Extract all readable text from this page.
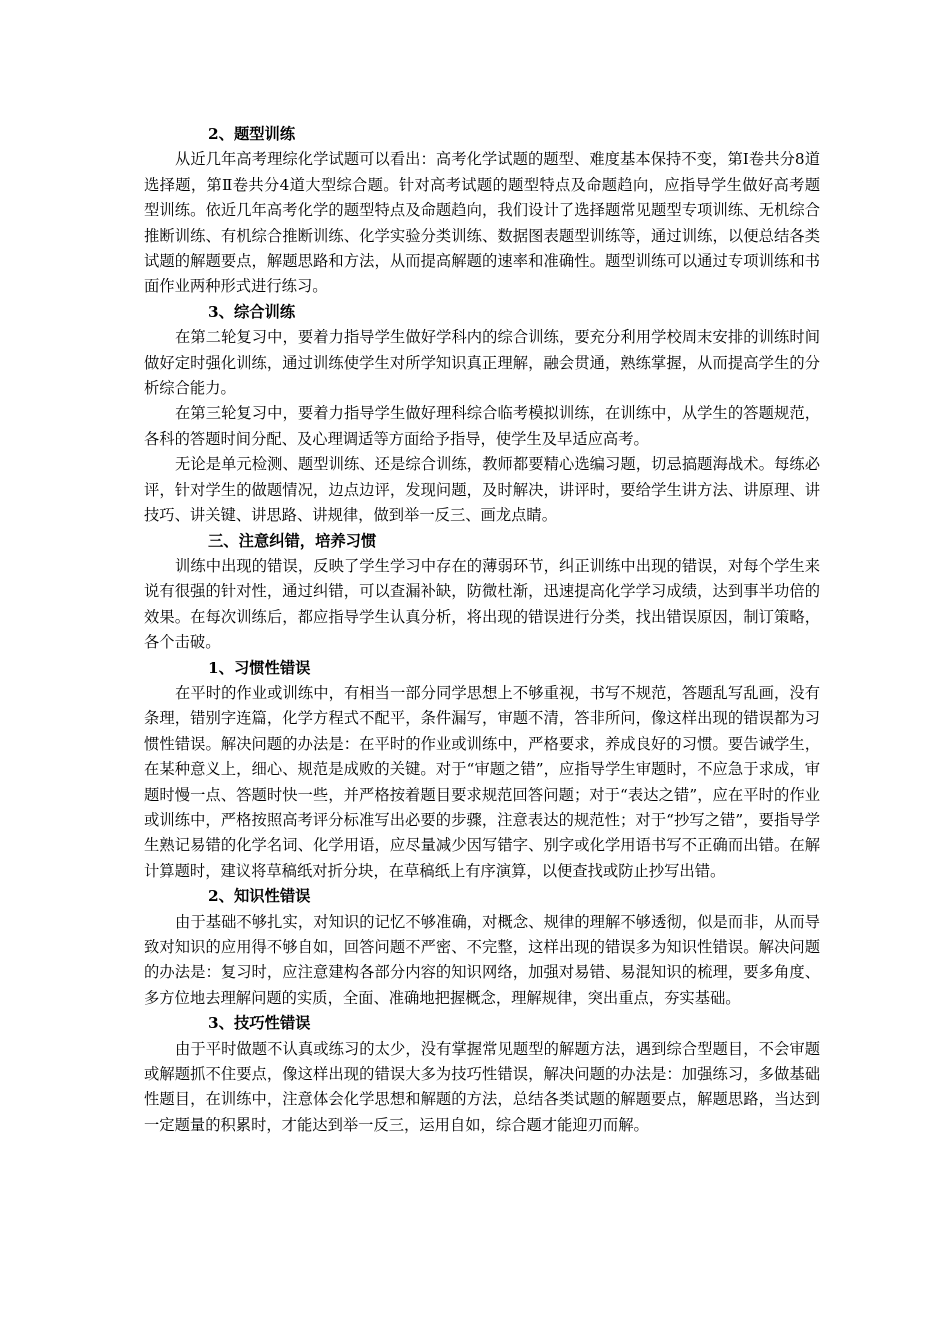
2、题型训练

从近几年高考理综化学试题可以看出：高考化学试题的题型、难度基本保持不变，第Ⅰ卷共分8道选择题，第Ⅱ卷共分4道大型综合题。针对高考试题的题型特点及命题趋向，应指导学生做好高考题型训练。依近几年高考化学的题型特点及命题趋向，我们设计了选择题常见题型专项训练、无机综合推断训练、有机综合推断训练、化学实验分类训练、数据图表题型训练等，通过训练，以便总结各类试题的解题要点，解题思路和方法，从而提高解题的速率和准确性。题型训练可以通过专项训练和书面作业两种形式进行练习。

3、综合训练

在第二轮复习中，要着力指导学生做好学科内的综合训练，要充分利用学校周末安排的训练时间做好定时强化训练，通过训练使学生对所学知识真正理解，融会贯通，熟练掌握，从而提高学生的分析综合能力。

在第三轮复习中，要着力指导学生做好理科综合临考模拟训练，在训练中，从学生的答题规范，各科的答题时间分配、及心理调适等方面给予指导，使学生及早适应高考。

无论是单元检测、题型训练、还是综合训练，教师都要精心选编习题，切忌搞题海战术。每练必评，针对学生的做题情况，边点边评，发现问题，及时解决，讲评时，要给学生讲方法、讲原理、讲技巧、讲关键、讲思路、讲规律，做到举一反三、画龙点睛。

三、注意纠错，培养习惯

训练中出现的错误，反映了学生学习中存在的薄弱环节，纠正训练中出现的错误，对每个学生来说有很强的针对性，通过纠错，可以查漏补缺，防微杜渐，迅速提高化学学习成绩，达到事半功倍的效果。在每次训练后，都应指导学生认真分析，将出现的错误进行分类，找出错误原因，制订策略，各个击破。

1、习惯性错误

在平时的作业或训练中，有相当一部分同学思想上不够重视，书写不规范，答题乱写乱画，没有条理，错别字连篇，化学方程式不配平，条件漏写，审题不清，答非所问，像这样出现的错误都为习惯性错误。解决问题的办法是：在平时的作业或训练中，严格要求，养成良好的习惯。要告诫学生，在某种意义上，细心、规范是成败的关键。对于“审题之错”，应指导学生审题时，不应急于求成，审题时慢一点、答题时快一些，并严格按着题目要求规范回答问题；对于“表达之错”，应在平时的作业或训练中，严格按照高考评分标准写出必要的步骤，注意表达的规范性；对于“抄写之错”，要指导学生熟记易错的化学名词、化学用语，应尽量减少因写错字、别字或化学用语书写不正确而出错。在解计算题时，建议将草稿纸对折分块，在草稿纸上有序演算，以便查找或防止抄写出错。

2、知识性错误

由于基础不够扎实，对知识的记忆不够准确，对概念、规律的理解不够透彻，似是而非，从而导致对知识的应用得不够自如，回答问题不严密、不完整，这样出现的错误多为知识性错误。解决问题的办法是：复习时，应注意建构各部分内容的知识网络，加强对易错、易混知识的梳理，要多角度、多方位地去理解问题的实质，全面、准确地把握概念，理解规律，突出重点，夯实基础。

3、技巧性错误

由于平时做题不认真或练习的太少，没有掌握常见题型的解题方法，遇到综合型题目，不会审题或解题抓不住要点，像这样出现的错误大多为技巧性错误，解决问题的办法是：加强练习，多做基础性题目，在训练中，注意体会化学思想和解题的方法，总结各类试题的解题要点，解题思路，当达到一定题量的积累时，才能达到举一反三，运用自如，综合题才能迎刃而解。
